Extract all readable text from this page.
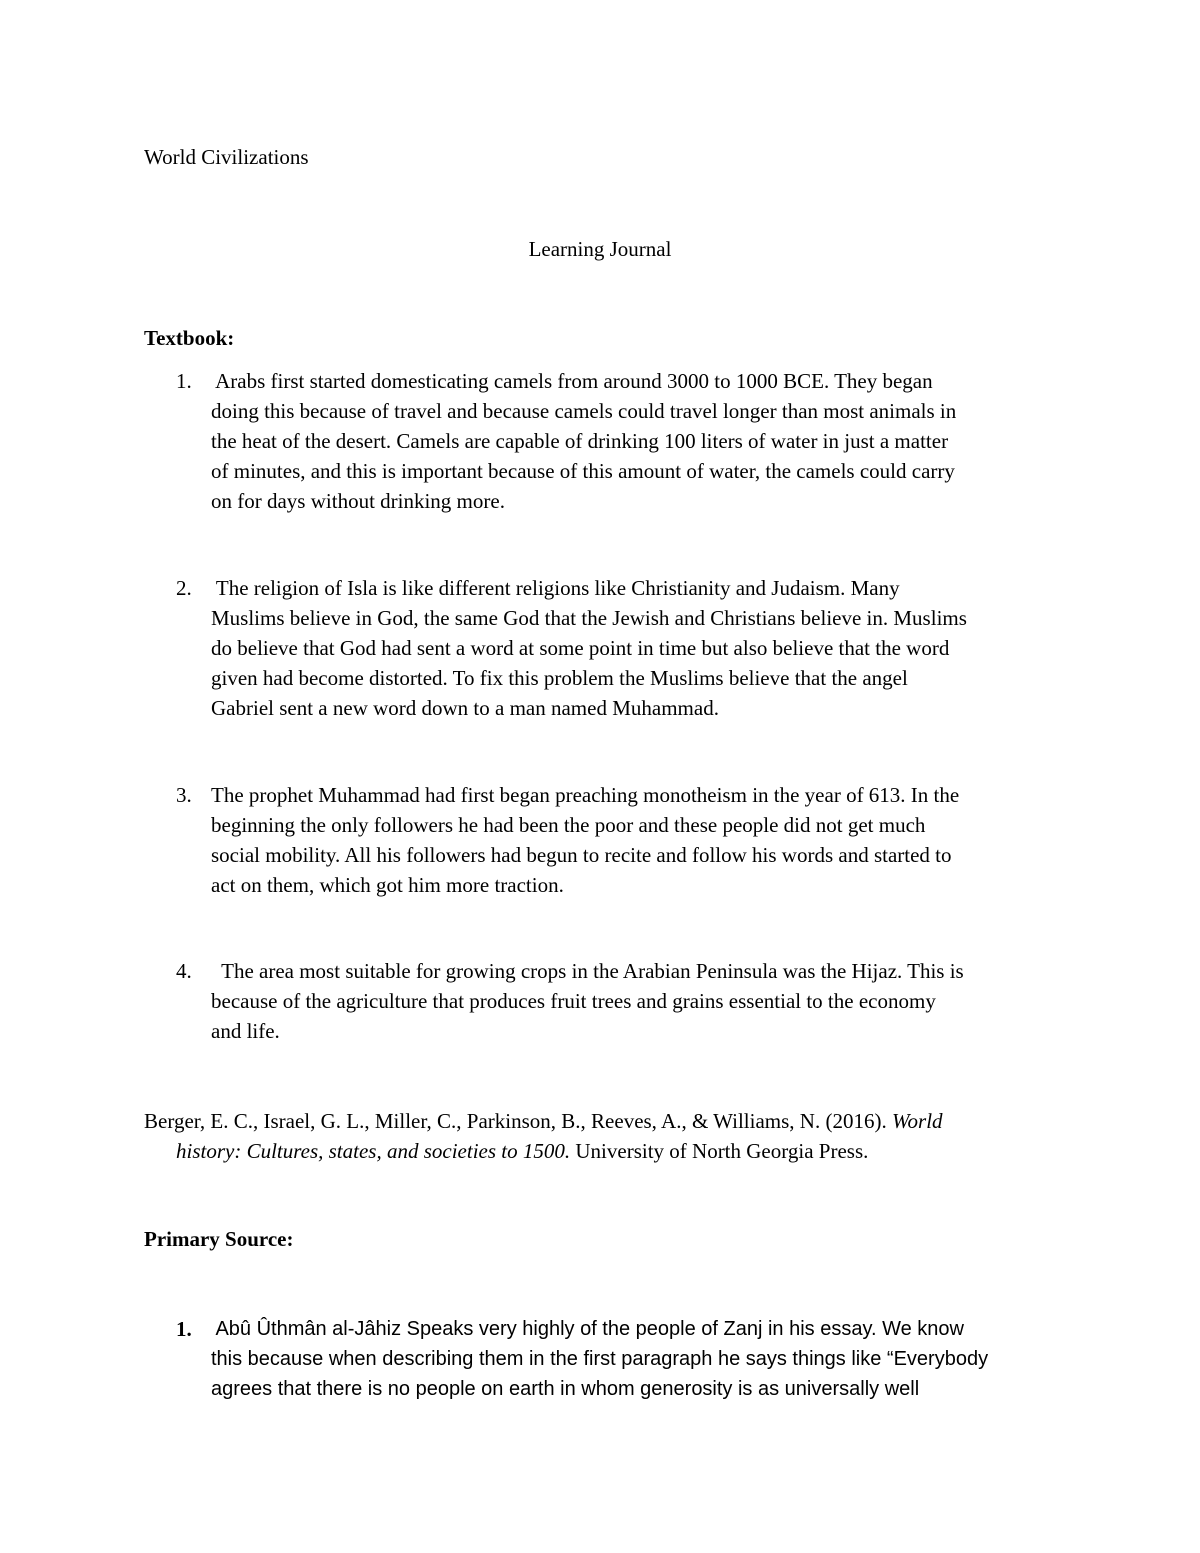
World Civilizations
Learning Journal
Textbook:
1. Arabs first started domesticating camels from around 3000 to 1000 BCE. They began
doing this because of travel and because camels could travel longer than most animals in
the heat of the desert. Camels are capable of drinking 100 liters of water in just a matter
of minutes, and this is important because of this amount of water, the camels could carry
on for days without drinking more.
2. The religion of Isla is like different religions like Christianity and Judaism. Many
Muslims believe in God, the same God that the Jewish and Christians believe in. Muslims
do believe that God had sent a word at some point in time but also believe that the word
given had become distorted. To fix this problem the Muslims believe that the angel
Gabriel sent a new word down to a man named Muhammad.
3. The prophet Muhammad had first began preaching monotheism in the year of 613. In the
beginning the only followers he had been the poor and these people did not get much
social mobility. All his followers had begun to recite and follow his words and started to
act on them, which got him more traction.
4. The area most suitable for growing crops in the Arabian Peninsula was the Hijaz. This is
because of the agriculture that produces fruit trees and grains essential to the economy
and life.
Berger, E. C., Israel, G. L., Miller, C., Parkinson, B., Reeves, A., & Williams, N. (2016). World
history: Cultures, states, and societies to 1500. University of North Georgia Press.
Primary Source:
1. Abû Ûthmân al-Jâhiz Speaks very highly of the people of Zanj in his essay. We know
this because when describing them in the first paragraph he says things like “Everybody
agrees that there is no people on earth in whom generosity is as universally well
